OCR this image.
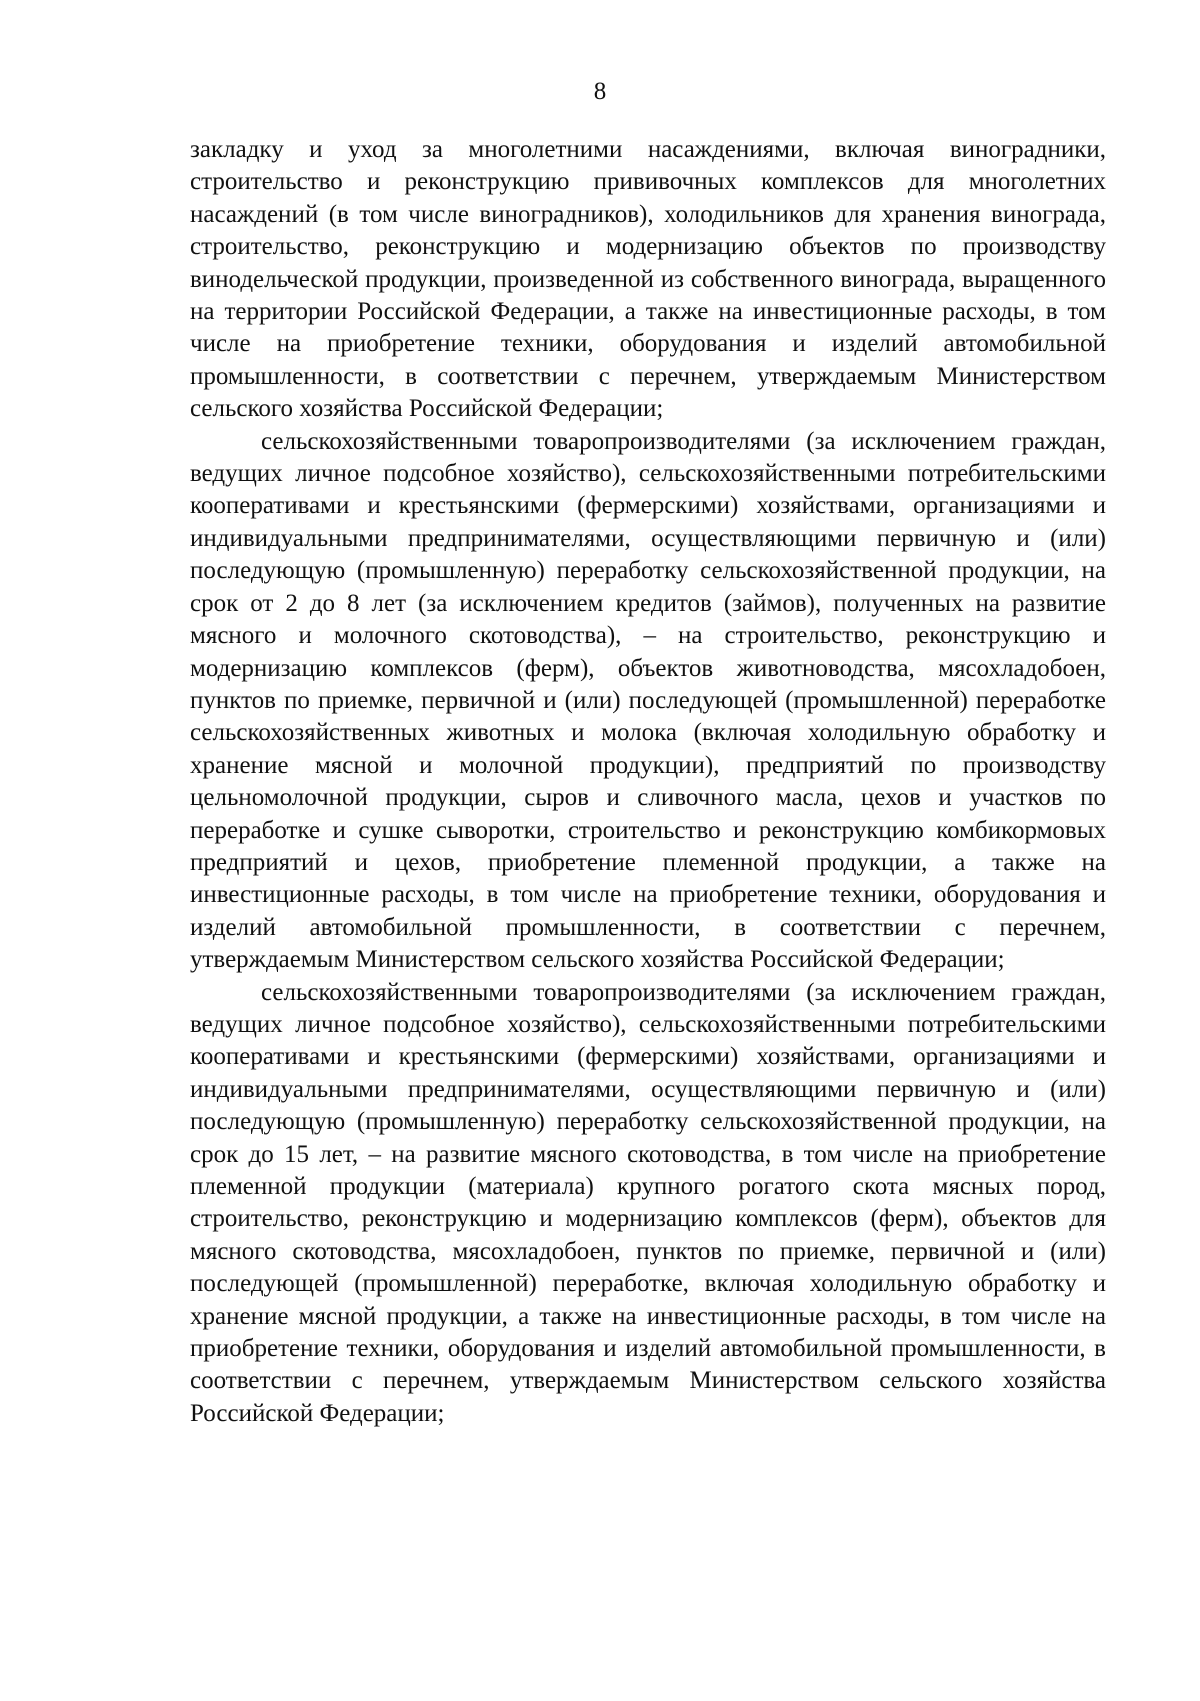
8

закладку и уход за многолетними насаждениями, включая виноградники, строительство и реконструкцию прививочных комплексов для многолетних насаждений (в том числе виноградников), холодильников для хранения винограда, строительство, реконструкцию и модернизацию объектов по производству винодельческой продукции, произведенной из собственного винограда, выращенного на территории Российской Федерации, а также на инвестиционные расходы, в том числе на приобретение техники, оборудования и изделий автомобильной промышленности, в соответствии с перечнем, утверждаемым Министерством сельского хозяйства Российской Федерации;

сельскохозяйственными товаропроизводителями (за исключением граждан, ведущих личное подсобное хозяйство), сельскохозяйственными потребительскими кооперативами и крестьянскими (фермерскими) хозяйствами, организациями и индивидуальными предпринимателями, осуществляющими первичную и (или) последующую (промышленную) переработку сельскохозяйственной продукции, на срок от 2 до 8 лет (за исключением кредитов (займов), полученных на развитие мясного и молочного скотоводства), – на строительство, реконструкцию и модернизацию комплексов (ферм), объектов животноводства, мясохладобоен, пунктов по приемке, первичной и (или) последующей (промышленной) переработке сельскохозяйственных животных и молока (включая холодильную обработку и хранение мясной и молочной продукции), предприятий по производству цельномолочной продукции, сыров и сливочного масла, цехов и участков по переработке и сушке сыворотки, строительство и реконструкцию комбикормовых предприятий и цехов, приобретение племенной продукции, а также на инвестиционные расходы, в том числе на приобретение техники, оборудования и изделий автомобильной промышленности, в соответствии с перечнем, утверждаемым Министерством сельского хозяйства Российской Федерации;

сельскохозяйственными товаропроизводителями (за исключением граждан, ведущих личное подсобное хозяйство), сельскохозяйственными потребительскими кооперативами и крестьянскими (фермерскими) хозяйствами, организациями и индивидуальными предпринимателями, осуществляющими первичную и (или) последующую (промышленную) переработку сельскохозяйственной продукции, на срок до 15 лет, – на развитие мясного скотоводства, в том числе на приобретение племенной продукции (материала) крупного рогатого скота мясных пород, строительство, реконструкцию и модернизацию комплексов (ферм), объектов для мясного скотоводства, мясохладобоен, пунктов по приемке, первичной и (или) последующей (промышленной) переработке, включая холодильную обработку и хранение мясной продукции, а также на инвестиционные расходы, в том числе на приобретение техники, оборудования и изделий автомобильной промышленности, в соответствии с перечнем, утверждаемым Министерством сельского хозяйства Российской Федерации;
